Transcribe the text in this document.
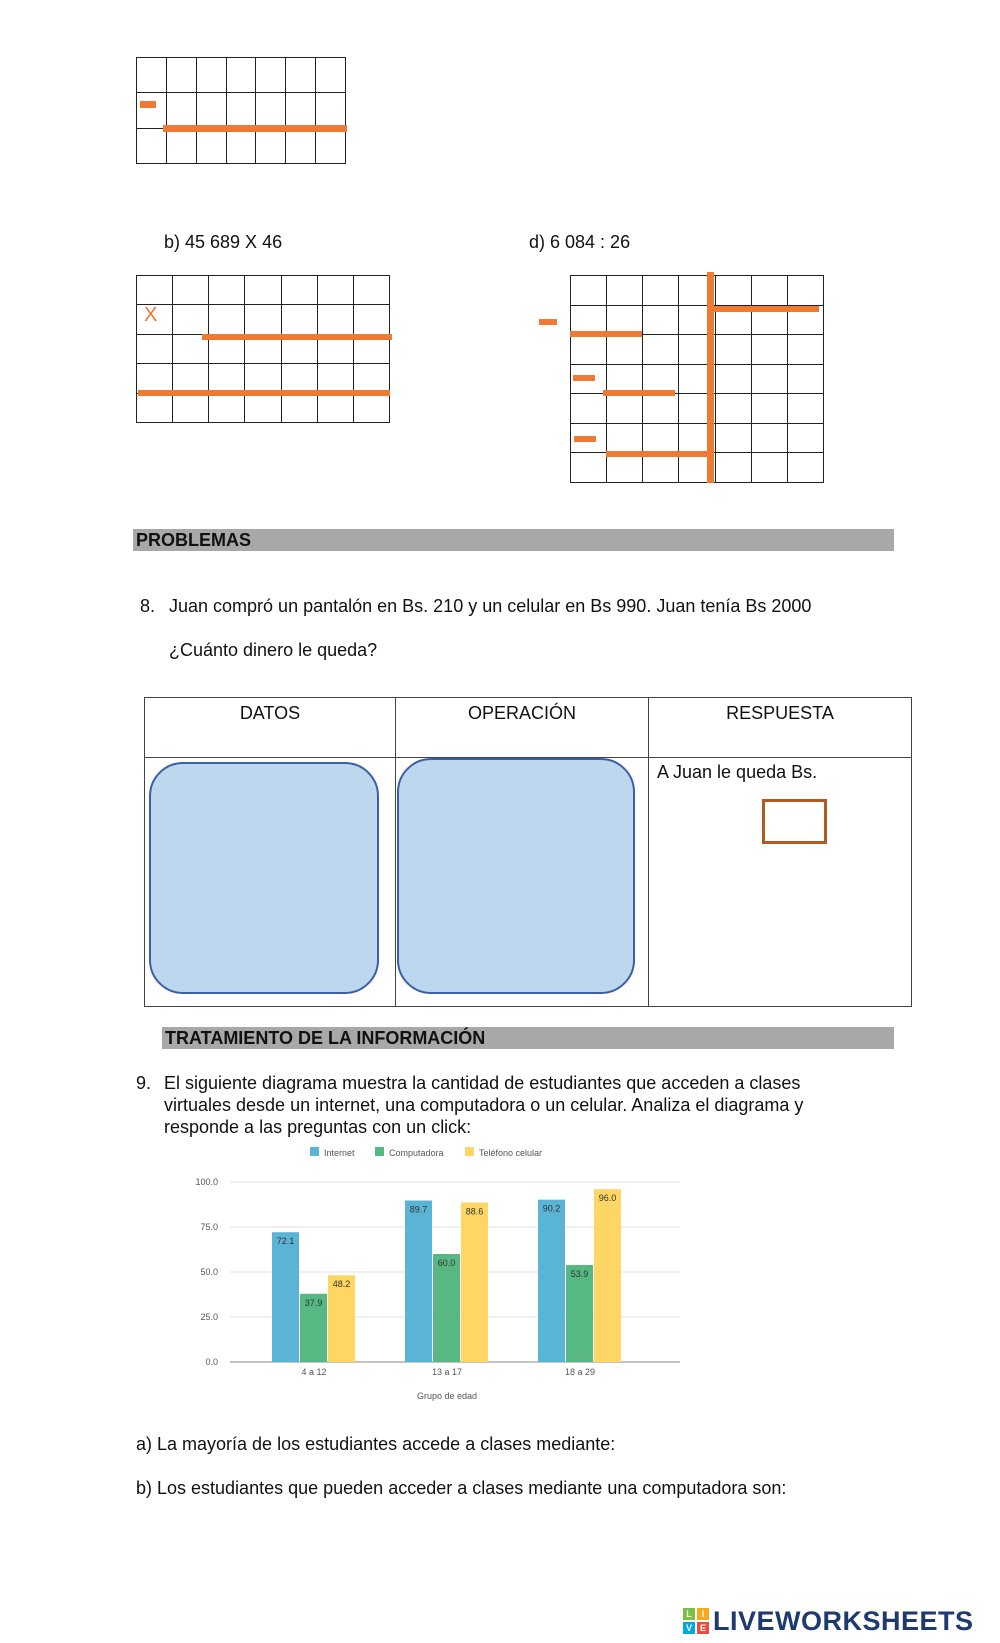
b) 45 689 X 46

X
d) 6 084 : 26

PROBLEMAS
8. Juan compró un pantalón en Bs. 210 y un celular en Bs 990. Juan tenía Bs 2000
¿Cuánto dinero le queda?
DATOS	OPERACIÓN	RESPUESTA
		A Juan le queda Bs.
TRATAMIENTO DE LA INFORMACIÓN
9. El siguiente diagrama muestra la cantidad de estudiantes que acceden a clases
virtuales desde un internet, una computadora o un celular. Analiza el diagrama y
responde a las preguntas con un click:
0.0
25.0
50.0
75.0
100.0
Internet	Computadora	Teléfono celular
72.1
37.9
48.2
4 a 12
89.7
60.0
88.6
13 a 17
90.2
53.9
96.0
18 a 29
Grupo de edad
a) La mayoría de los estudiantes accede a clases mediante:
b) Los estudiantes que pueden acceder a clases mediante una computadora son:
L	I
V E LIVEWORKSHEETS
